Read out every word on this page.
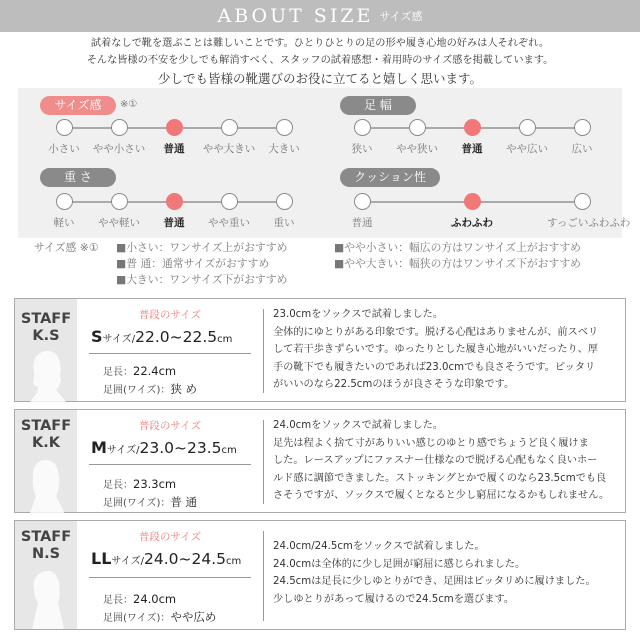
ABOUT SIZE サイズ感
試着なしで靴を選ぶことは難しいことです。ひとりひとりの足の形や履き心地の好みは人それぞれ。
そんな皆様の不安を少しでも解消すべく、スタッフの試着感想・着用時のサイズ感を掲載しています。
少しでも皆様の靴選びのお役に立てると嬉しく思います。
サイズ感	※①
小さい	やや小さい	普通	やや大きい	大きい
足 幅
狭い	やや狭い	普通	やや広い	広い
重 さ
軽い	やや軽い	普通	やや重い	重い
クッション性
普通	ふわふわ	すっごいふわふわ
サイズ感 ※① ■小さい：ワンサイズ上がおすすめ
■普 通：通常サイズがおすすめ
■大きい：ワンサイズ下がおすすめ
■やや小さい：幅広の方はワンサイズ上がおすすめ
■やや大きい：幅狭の方はワンサイズ下がおすすめ
STAFF
K.S
普段のサイズ
Sサイズ/22.0~22.5cm
足長：22.4cm
足囲(ワイズ)：狭 め
23.0cmをソックスで試着しました。
全体的にゆとりがある印象です。脱げる心配はありませんが、前スベリ
して若干歩きずらいです。ゆったりとした履き心地がいいだったり、厚
手の靴下でも履きたいのであれば23.0cmでも良さそうです。ピッタリ
がいいのなら22.5cmのほうが良さそうな印象です。
STAFF
K.K
普段のサイズ
Mサイズ/23.0~23.5cm
足長：23.3cm
足囲(ワイズ)：普 通
24.0cmをソックスで試着しました。
足先は程よく捨て寸がありいい感じのゆとり感でちょうど良く履けま
した。レースアップにファスナー仕様なので脱げる心配もなく良いホー
ルド感に調節できました。ストッキングとかで履くのなら23.5cmでも良
さそうですが、ソックスで履くとなると少し窮屈になるかもしれません。
STAFF
N.S
普段のサイズ
LLサイズ/24.0~24.5cm
足長：24.0cm
足囲(ワイズ)：やや広め
24.0cm/24.5cmをソックスで試着しました。
24.0cmは全体的に少し足囲が窮屈に感じられました。
24.5cmは足長に少しゆとりができ、足囲はピッタリめに履けました。
少しゆとりがあって履けるので24.5cmを選びます。
